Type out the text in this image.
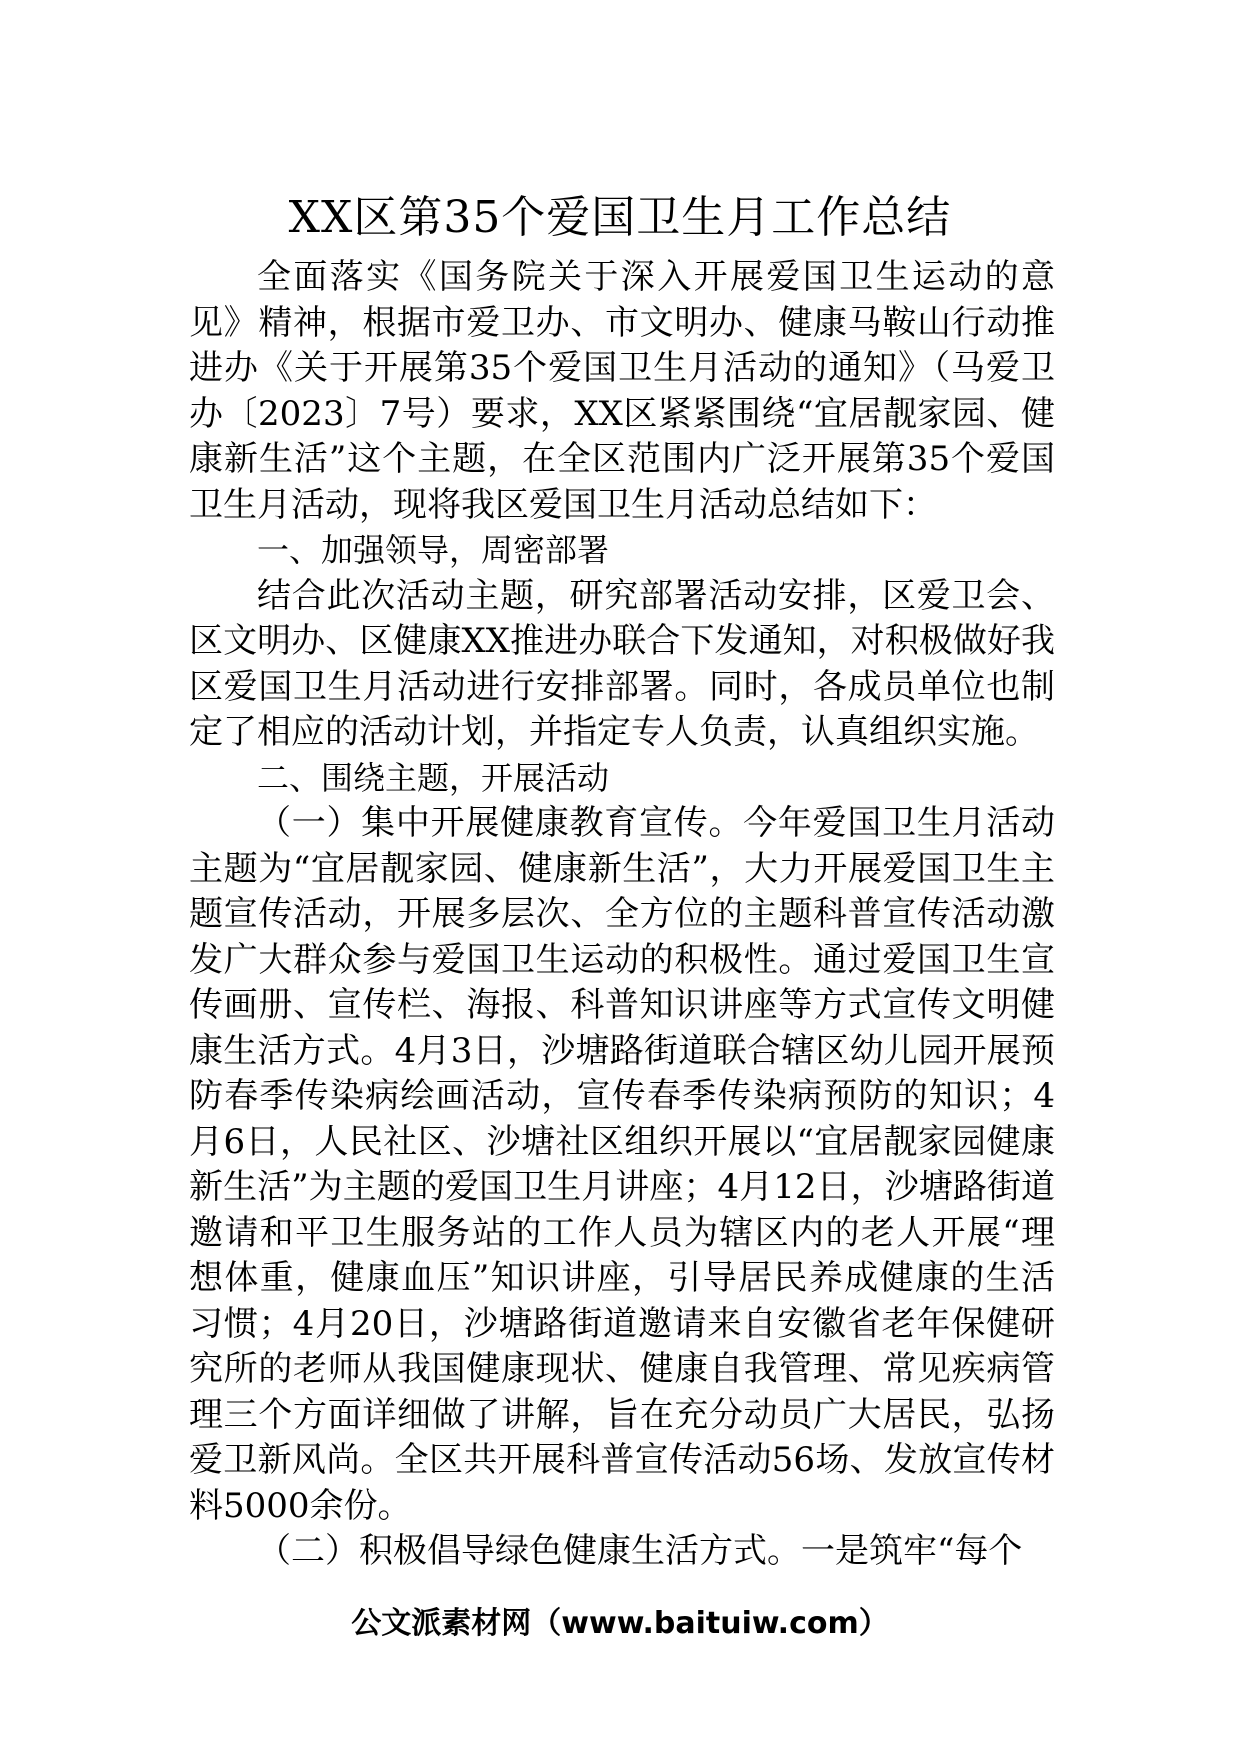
XX区第35个爱国卫生月工作总结

全面落实《国务院关于深入开展爱国卫生运动的意见》精神，根据市爱卫办、市文明办、健康马鞍山行动推进办《关于开展第35个爱国卫生月活动的通知》（马爱卫办〔2023〕7号）要求，XX区紧紧围绕“宜居靓家园、健康新生活”这个主题，在全区范围内广泛开展第35个爱国卫生月活动，现将我区爱国卫生月活动总结如下：

一、加强领导，周密部署

结合此次活动主题，研究部署活动安排，区爱卫会、区文明办、区健康XX推进办联合下发通知，对积极做好我区爱国卫生月活动进行安排部署。同时，各成员单位也制定了相应的活动计划，并指定专人负责，认真组织实施。

二、围绕主题，开展活动

（一）集中开展健康教育宣传。今年爱国卫生月活动主题为“宜居靓家园、健康新生活”，大力开展爱国卫生主题宣传活动，开展多层次、全方位的主题科普宣传活动激发广大群众参与爱国卫生运动的积极性。通过爱国卫生宣传画册、宣传栏、海报、科普知识讲座等方式宣传文明健康生活方式。4月3日，沙塘路街道联合辖区幼儿园开展预防春季传染病绘画活动，宣传春季传染病预防的知识；4月6日，人民社区、沙塘社区组织开展以“宜居靓家园健康新生活”为主题的爱国卫生月讲座；4月12日，沙塘路街道邀请和平卫生服务站的工作人员为辖区内的老人开展“理想体重，健康血压”知识讲座，引导居民养成健康的生活习惯；4月20日，沙塘路街道邀请来自安徽省老年保健研究所的老师从我国健康现状、健康自我管理、常见疾病管理三个方面详细做了讲解，旨在充分动员广大居民，弘扬爱卫新风尚。全区共开展科普宣传活动56场、发放宣传材料5000余份。

（二）积极倡导绿色健康生活方式。一是筑牢“每个

公文派素材网（www.baituiw.com）
